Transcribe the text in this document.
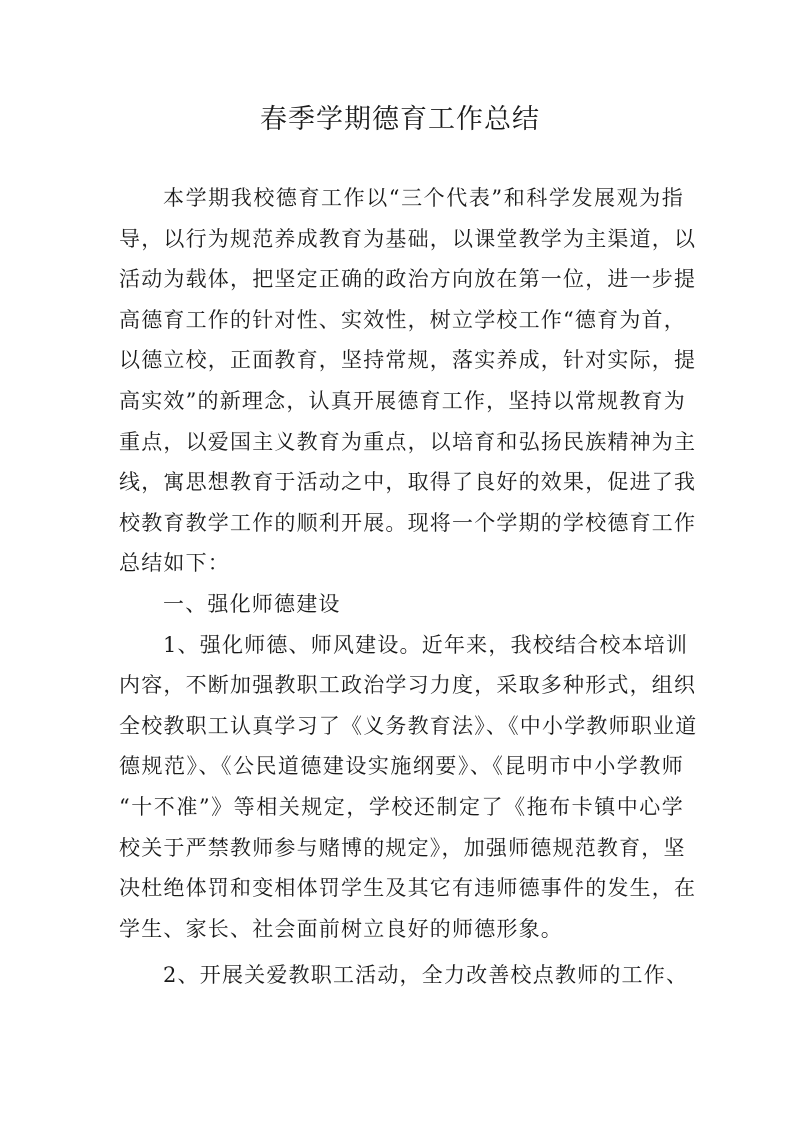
春季学期德育工作总结
本学期我校德育工作以“三个代表”和科学发展观为指
导，以行为规范养成教育为基础，以课堂教学为主渠道，以
活动为载体，把坚定正确的政治方向放在第一位，进一步提
高德育工作的针对性、实效性，树立学校工作“德育为首，
以德立校，正面教育，坚持常规，落实养成，针对实际，提
高实效”的新理念，认真开展德育工作，坚持以常规教育为
重点，以爱国主义教育为重点，以培育和弘扬民族精神为主
线，寓思想教育于活动之中，取得了良好的效果，促进了我
校教育教学工作的顺利开展。现将一个学期的学校德育工作
总结如下：
一、强化师德建设
1、强化师德、师风建设。近年来，我校结合校本培训
内容，不断加强教职工政治学习力度，采取多种形式，组织
全校教职工认真学习了《义务教育法》、《中小学教师职业道
德规范》、《公民道德建设实施纲要》、《昆明市中小学教师
“十不准”》等相关规定，学校还制定了《拖布卡镇中心学
校关于严禁教师参与赌博的规定》，加强师德规范教育，坚
决杜绝体罚和变相体罚学生及其它有违师德事件的发生，在
学生、家长、社会面前树立良好的师德形象。
2、开展关爱教职工活动，全力改善校点教师的工作、
